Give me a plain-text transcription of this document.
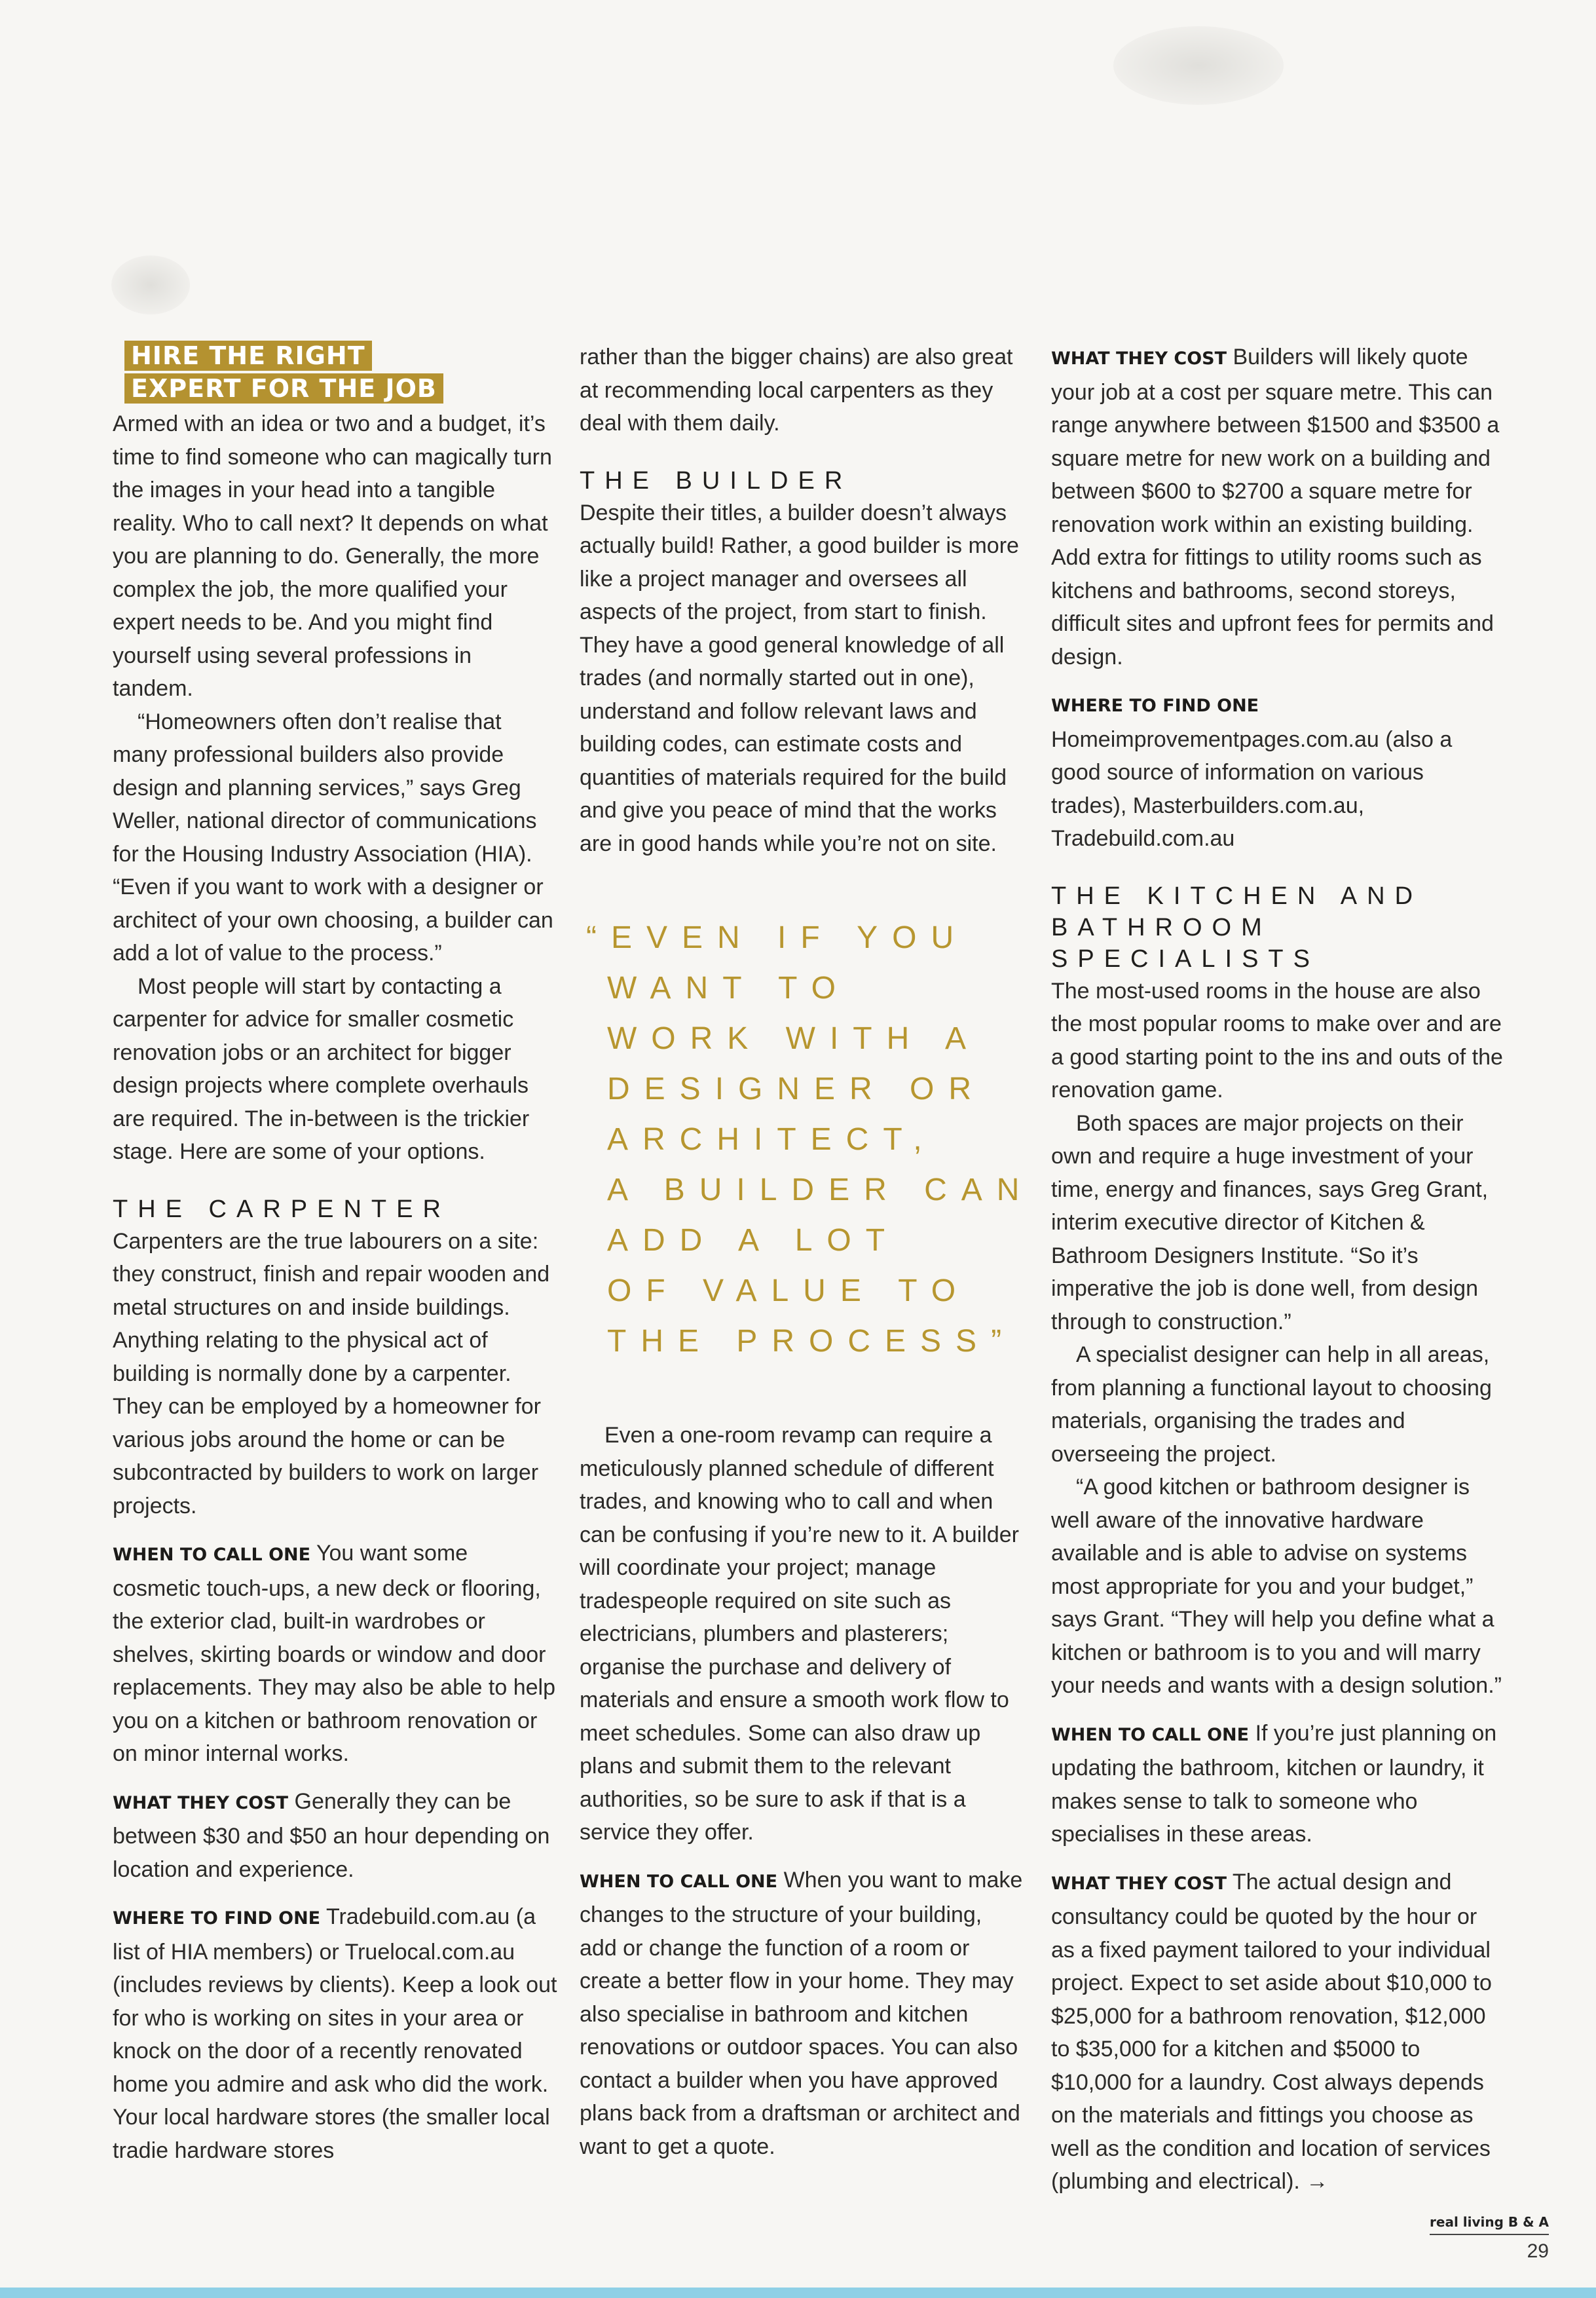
HIRE THE RIGHT
EXPERT FOR THE JOB

Armed with an idea or two and a budget, it’s time to find someone who can magically turn the images in your head into a tangible reality. Who to call next? It depends on what you are planning to do. Generally, the more complex the job, the more qualified your expert needs to be. And you might find yourself using several professions in tandem.

“Homeowners often don’t realise that many professional builders also provide design and planning services,” says Greg Weller, national director of communications for the Housing Industry Association (HIA). “Even if you want to work with a designer or architect of your own choosing, a builder can add a lot of value to the process.”

Most people will start by contacting a carpenter for advice for smaller cosmetic renovation jobs or an architect for bigger design projects where complete overhauls are required. The in-between is the trickier stage. Here are some of your options.

THE CARPENTER

Carpenters are the true labourers on a site: they construct, finish and repair wooden and metal structures on and inside buildings. Anything relating to the physical act of building is normally done by a carpenter. They can be employed by a homeowner for various jobs around the home or can be subcontracted by builders to work on larger projects.

WHEN TO CALL ONE You want some cosmetic touch-ups, a new deck or flooring, the exterior clad, built-in wardrobes or shelves, skirting boards or window and door replacements. They may also be able to help you on a kitchen or bathroom renovation or on minor internal works.

WHAT THEY COST Generally they can be between $30 and $50 an hour depending on location and experience.

WHERE TO FIND ONE Tradebuild.com.au (a list of HIA members) or Truelocal.com.au (includes reviews by clients). Keep a look out for who is working on sites in your area or knock on the door of a recently renovated home you admire and ask who did the work. Your local hardware stores (the smaller local tradie hardware stores

rather than the bigger chains) are also great at recommending local carpenters as they deal with them daily.

THE BUILDER

Despite their titles, a builder doesn’t always actually build! Rather, a good builder is more like a project manager and oversees all aspects of the project, from start to finish. They have a good general knowledge of all trades (and normally started out in one), understand and follow relevant laws and building codes, can estimate costs and quantities of materials required for the build and give you peace of mind that the works are in good hands while you’re not on site.

“EVEN IF YOU
WANT TO
WORK WITH A
DESIGNER OR
ARCHITECT,
A BUILDER CAN
ADD A LOT
OF VALUE TO
THE PROCESS”

Even a one-room revamp can require a meticulously planned schedule of different trades, and knowing who to call and when can be confusing if you’re new to it. A builder will coordinate your project; manage tradespeople required on site such as electricians, plumbers and plasterers; organise the purchase and delivery of materials and ensure a smooth work flow to meet schedules. Some can also draw up plans and submit them to the relevant authorities, so be sure to ask if that is a service they offer.

WHEN TO CALL ONE When you want to make changes to the structure of your building, add or change the function of a room or create a better flow in your home. They may also specialise in bathroom and kitchen renovations or outdoor spaces. You can also contact a builder when you have approved plans back from a draftsman or architect and want to get a quote.

WHAT THEY COST Builders will likely quote your job at a cost per square metre. This can range anywhere between $1500 and $3500 a square metre for new work on a building and between $600 to $2700 a square metre for renovation work within an existing building. Add extra for fittings to utility rooms such as kitchens and bathrooms, second storeys, difficult sites and upfront fees for permits and design.

WHERE TO FIND ONE
Homeimprovementpages.com.au (also a good source of information on various trades), Masterbuilders.com.au, Tradebuild.com.au

THE KITCHEN AND
BATHROOM SPECIALISTS

The most-used rooms in the house are also the most popular rooms to make over and are a good starting point to the ins and outs of the renovation game.

Both spaces are major projects on their own and require a huge investment of your time, energy and finances, says Greg Grant, interim executive director of Kitchen & Bathroom Designers Institute. “So it’s imperative the job is done well, from design through to construction.”

A specialist designer can help in all areas, from planning a functional layout to choosing materials, organising the trades and overseeing the project.

“A good kitchen or bathroom designer is well aware of the innovative hardware available and is able to advise on systems most appropriate for you and your budget,” says Grant. “They will help you define what a kitchen or bathroom is to you and will marry your needs and wants with a design solution.”

WHEN TO CALL ONE If you’re just planning on updating the bathroom, kitchen or laundry, it makes sense to talk to someone who specialises in these areas.

WHAT THEY COST The actual design and consultancy could be quoted by the hour or as a fixed payment tailored to your individual project. Expect to set aside about $10,000 to $25,000 for a bathroom renovation, $12,000 to $35,000 for a kitchen and $5000 to $10,000 for a laundry. Cost always depends on the materials and fittings you choose as well as the condition and location of services (plumbing and electrical). →

real living B & A
29
